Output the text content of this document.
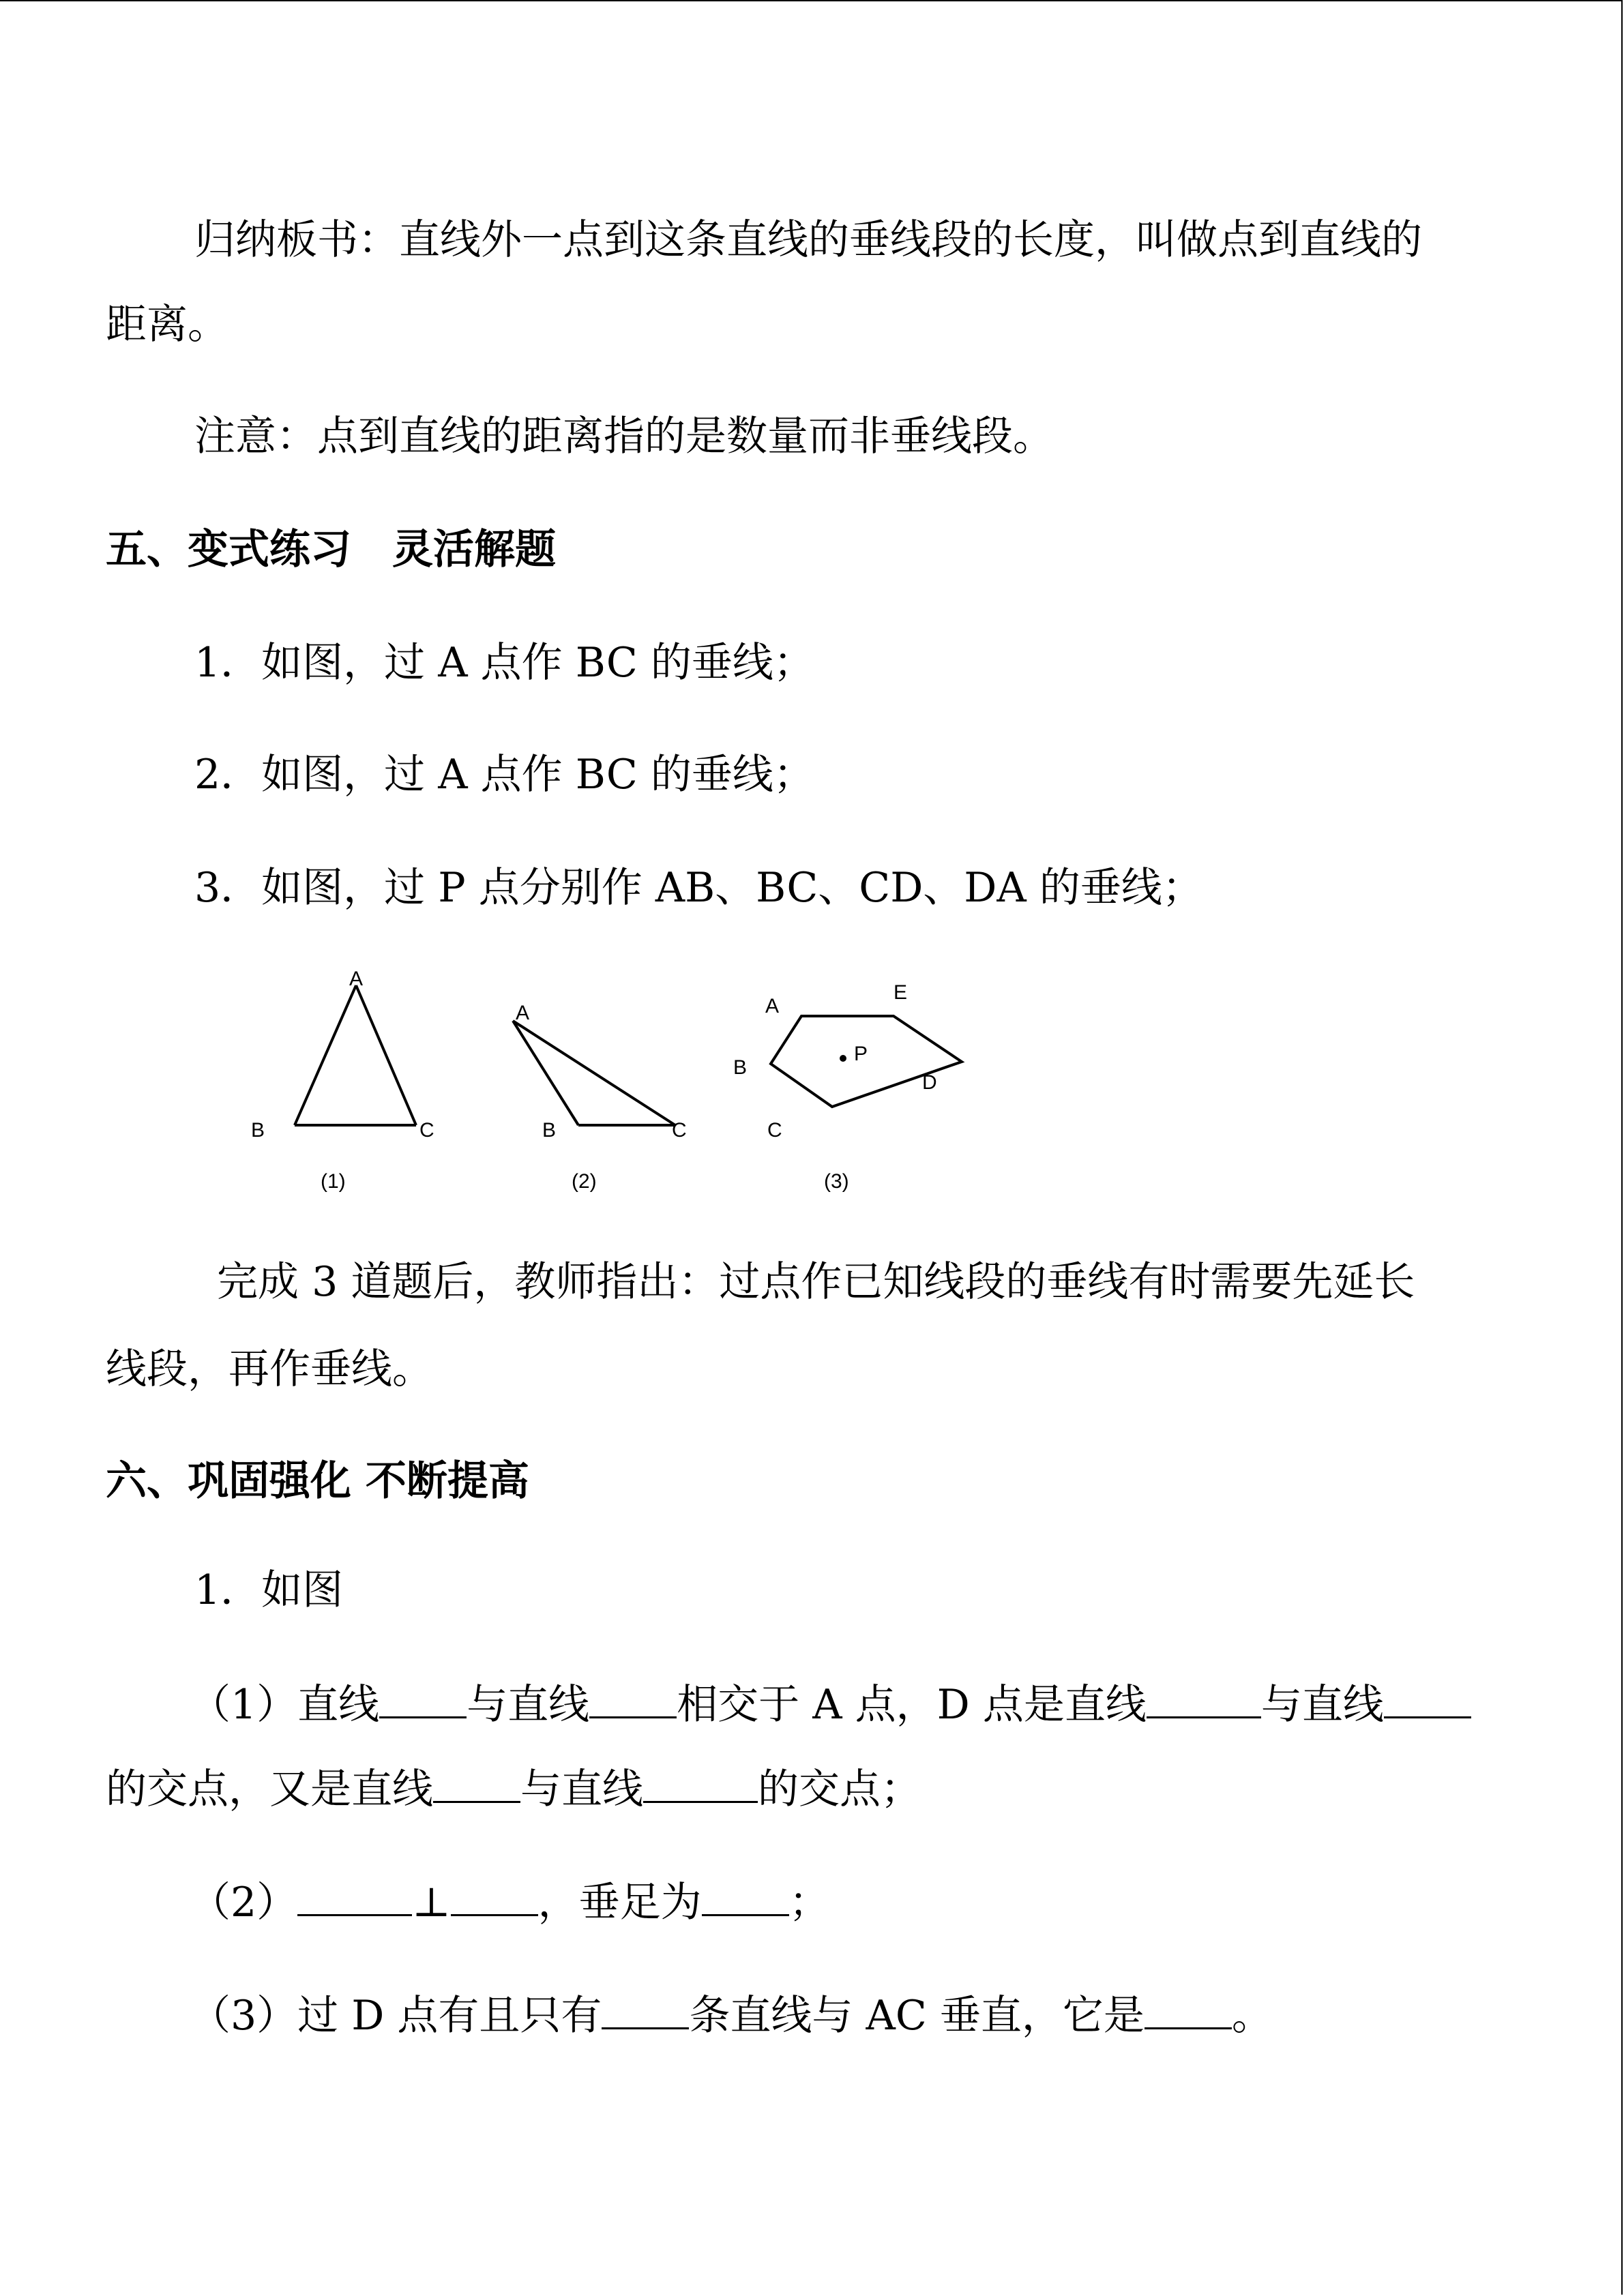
归纳板书：直线外一点到这条直线的垂线段的长度，叫做点到直线的
距离。
注意：点到直线的距离指的是数量而非垂线段。
五、变式练习　灵活解题
1．如图，过 A 点作 BC 的垂线；
2．如图，过 A 点作 BC 的垂线；
3．如图，过 P 点分别作 AB、BC、CD、DA 的垂线；
A
B	C
(1)
A
B	C
(2)
A
E
B
P
D
C
(3)
完成 3 道题后，教师指出：过点作已知线段的垂线有时需要先延长
线段，再作垂线。
六、巩固强化 不断提高
1．如图
（1）直线 与直线 相交于 A 点，D 点是直线	与直线
的交点，又是直线 与直线	的交点；
（2）	⊥ ，垂足为 ；
（3）过 D 点有且只有 条直线与 AC 垂直，它是 。
